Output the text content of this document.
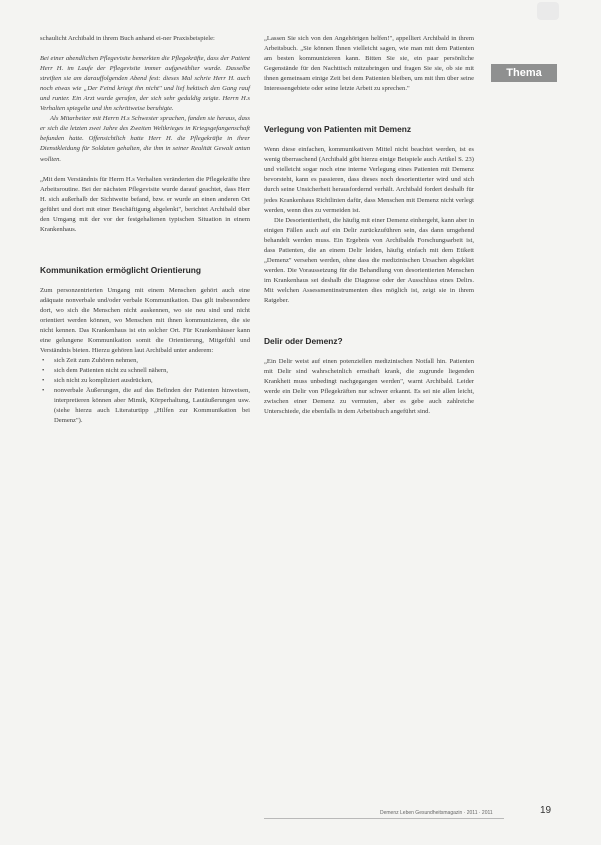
schaulicht Archibald in ihrem Buch anhand ei-ner Praxisbeispiele:

Bei einer abendlichen Pflegevisite bemerkten die Pflegekräfte, dass der Patient Herr H. im Laufe der Pflegevisite immer aufgewühlter wurde. Dasselbe streiften sie am darauffolgenden Abend fest: dieses Mal schrie Herr H. auch noch etwas wie „Der Feind kriegt ihn nicht" und lief hektisch den Gang rauf und runter. Ein Arzt wurde gerufen, der sich sehr geduldig zeigte. Herrn H.s Verhalten spiegelte und ihn schrittweise beruhigte.

Als Mitarbeiter mit Herrn H.s Schwester sprachen, fanden sie heraus, dass er sich die letzten zwei Jahre des Zweiten Weltkrieges in Kriegsgefangenschaft befunden hatte. Offensichtlich hatte Herr H. die Pflegekräfte in ihrer Dienstkleidung für Soldaten gehalten, die ihm in seiner Realität Gewalt antun wollten.

„Mit dem Verständnis für Herrn H.s Verhalten veränderten die Pflegekräfte ihre Arbeitsroutine. Bei der nächsten Pflegevisite wurde darauf geachtet, dass Herr H. sich außerhalb der Sichtweite befand, bzw. er wurde an einen anderen Ort geführt und dort mit einer Beschäftigung abgelenkt", berichtet Archibald über den Umgang mit der vor der festgehaltenen typischen Situation in einem Krankenhaus.

Kommunikation ermöglicht Orientierung

Zum personzentrierten Umgang mit einem Menschen gehört auch eine adäquate nonverbale und/oder verbale Kommunikation. Das gilt insbesondere dort, wo sich die Menschen nicht auskennen, wo sie neu sind und nicht orientiert werden können, wo Menschen mit ihnen kommunizieren, die sie nicht kennen. Das Krankenhaus ist ein solcher Ort. Für Krankenhäuser kann eine gelungene Kommunikation somit die Orientierung, Mitgefühl und Verständnis bieten. Hierzu gehören laut Archibald unter anderem:

• sich Zeit zum Zuhören nehmen,
• sich dem Patienten nicht zu schnell nähern,
• sich nicht zu kompliziert ausdrücken,
• nonverbale Äußerungen, die auf das Befinden der Patienten hinweisen, interpretieren können aber Mimik, Körperhaltung, Lautäußerungen usw. (siehe hierzu auch Literaturtipp „Hilfen zur Kommunikation bei Demenz").

„Lassen Sie sich von den Angehörigen helfen!", appelliert Archibald in ihrem Arbeitsbuch. „Sie können Ihnen vielleicht sagen, wie man mit dem Patienten am besten kommunizieren kann. Bitten Sie sie, ein paar persönliche Gegenstände für den Nachttisch mitzubringen und fragen Sie sie, ob sie mit ihnen gemeinsam einige Zeit bei dem Patienten bleiben, um mit ihm über seine Interessengebiete oder seine letzte Arbeit zu sprechen."

Verlegung von Patienten mit Demenz

Wenn diese einfachen, kommunikativen Mittel nicht beachtet werden, ist es wenig überraschend (Archibald gibt hierzu einige Beispiele auch Artikel S. 23) und vielleicht sogar noch eine interne Verlegung eines Patienten mit Demenz bevorsteht, kann es passieren, dass dieses noch desorientierter wird und sich durch seine Unsicherheit herausfordernd verhält. Archibald fordert deshalb für jedes Krankenhaus Richtlinien dafür, dass Menschen mit Demenz nicht verlegt werden, wenn dies zu vermeiden ist.

Die Desorientiertheit, die häufig mit einer Demenz einhergeht, kann aber in einigen Fällen auch auf ein Delir zurückzuführen sein, das dann umgehend behandelt werden muss. Ein Ergebnis von Archibalds Forschungsarbeit ist, dass Patienten, die an einem Delir leiden, häufig einfach mit dem Etikett „Demenz" versehen werden, ohne dass die medizinischen Ursachen abgeklärt werden. Die Voraussetzung für die Behandlung von desorientierten Menschen im Krankenhaus sei deshalb die Diagnose oder der Ausschluss eines Delirs. Mit welchen Assessmentinstrumenten dies möglich ist, zeigt sie in ihrem Ratgeber.

Delir oder Demenz?

„Ein Delir weist auf einen potenziellen medizinischen Notfall hin. Patienten mit Delir sind wahrscheinlich ernsthaft krank, die zugrunde liegenden Krankheit muss unbedingt nachgegangen werden", warnt Archibald. Leider werde ein Delir von Pflegekräften nur schwer erkannt. Es sei nie allen leicht, zwischen einer Demenz zu vermuten, aber es gebe auch zahlreiche Unterschiede, die ebenfalls in dem Arbeitsbuch angeführt sind.

Thema
Demenz Leben Gesundheitsmagazin · 2011 · 2011	19
